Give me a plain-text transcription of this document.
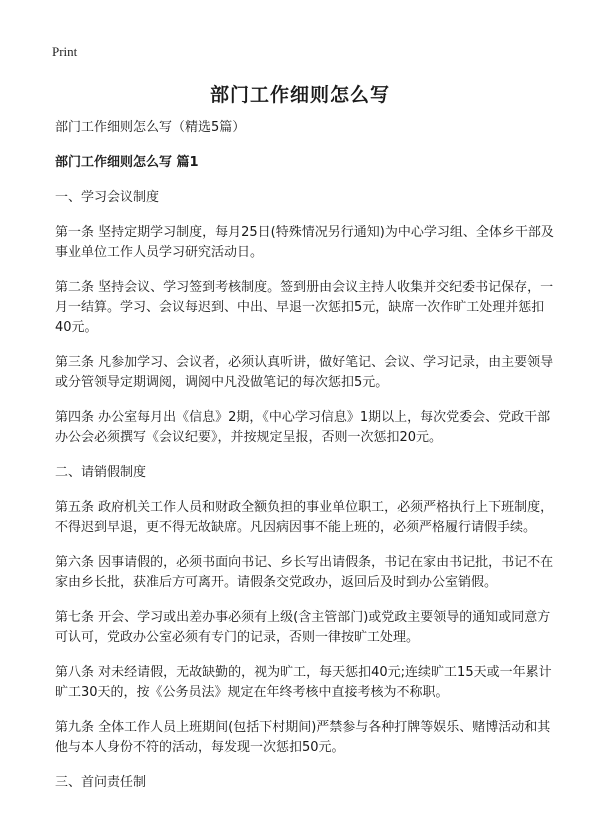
Print
部门工作细则怎么写

部门工作细则怎么写（精选5篇）

部门工作细则怎么写 篇1

一、学习会议制度

第一条 坚持定期学习制度，每月25日(特殊情况另行通知)为中心学习组、全体乡干部及事业单位工作人员学习研究活动日。

第二条 坚持会议、学习签到考核制度。签到册由会议主持人收集并交纪委书记保存，一月一结算。学习、会议每迟到、中出、早退一次惩扣5元，缺席一次作旷工处理并惩扣40元。

第三条 凡参加学习、会议者，必须认真听讲，做好笔记、会议、学习记录，由主要领导或分管领导定期调阅，调阅中凡没做笔记的每次惩扣5元。

第四条 办公室每月出《信息》2期，《中心学习信息》1期以上，每次党委会、党政干部办公会必须撰写《会议纪要》，并按规定呈报，否则一次惩扣20元。

二、请销假制度

第五条 政府机关工作人员和财政全额负担的事业单位职工，必须严格执行上下班制度，不得迟到早退，更不得无故缺席。凡因病因事不能上班的，必须严格履行请假手续。

第六条 因事请假的，必须书面向书记、乡长写出请假条，书记在家由书记批，书记不在家由乡长批，获准后方可离开。请假条交党政办，返回后及时到办公室销假。

第七条 开会、学习或出差办事必须有上级(含主管部门)或党政主要领导的通知或同意方可认可，党政办公室必须有专门的记录，否则一律按旷工处理。

第八条 对未经请假，无故缺勤的，视为旷工，每天惩扣40元;连续旷工15天或一年累计旷工30天的，按《公务员法》规定在年终考核中直接考核为不称职。

第九条 全体工作人员上班期间(包括下村期间)严禁参与各种打牌等娱乐、赌博活动和其他与本人身份不符的活动，每发现一次惩扣50元。

三、首问责任制
